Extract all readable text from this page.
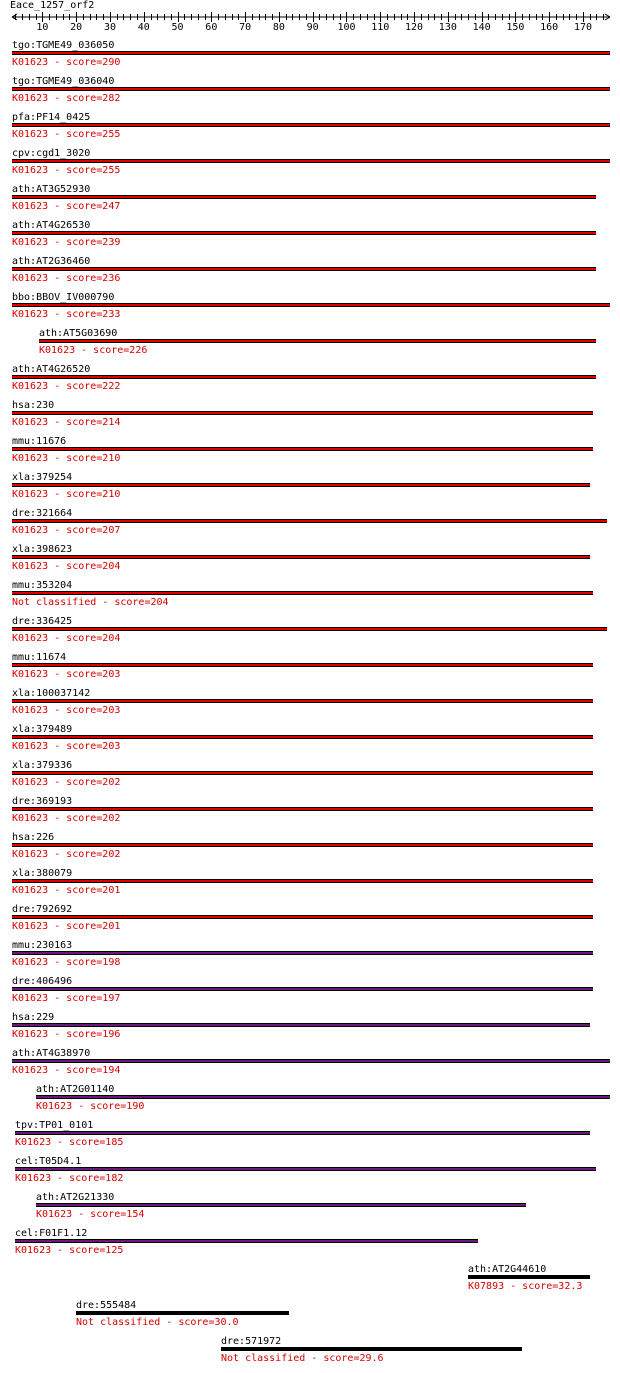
Eace_1257_orf2
10 20 30 40 50 60 70 80 90 100 110 120 130 140 150 160 170
tgo:TGME49_036050
K01623 - score=290
tgo:TGME49_036040
K01623 - score=282
pfa:PF14_0425
K01623 - score=255
cpv:cgd1_3020
K01623 - score=255
ath:AT3G52930
K01623 - score=247
ath:AT4G26530
K01623 - score=239
ath:AT2G36460
K01623 - score=236
bbo:BBOV_IV000790
K01623 - score=233
ath:AT5G03690
K01623 - score=226
ath:AT4G26520
K01623 - score=222
hsa:230
K01623 - score=214
mmu:11676
K01623 - score=210
xla:379254
K01623 - score=210
dre:321664
K01623 - score=207
xla:398623
K01623 - score=204
mmu:353204
Not classified - score=204
dre:336425
K01623 - score=204
mmu:11674
K01623 - score=203
xla:100037142
K01623 - score=203
xla:379489
K01623 - score=203
xla:379336
K01623 - score=202
dre:369193
K01623 - score=202
hsa:226
K01623 - score=202
xla:380079
K01623 - score=201
dre:792692
K01623 - score=201
mmu:230163
K01623 - score=198
dre:406496
K01623 - score=197
hsa:229
K01623 - score=196
ath:AT4G38970
K01623 - score=194
ath:AT2G01140
K01623 - score=190
tpv:TP01_0101
K01623 - score=185
cel:T05D4.1
K01623 - score=182
ath:AT2G21330
K01623 - score=154
cel:F01F1.12
K01623 - score=125
ath:AT2G44610
K07893 - score=32.3
dre:555484
Not classified - score=30.0
dre:571972
Not classified - score=29.6
